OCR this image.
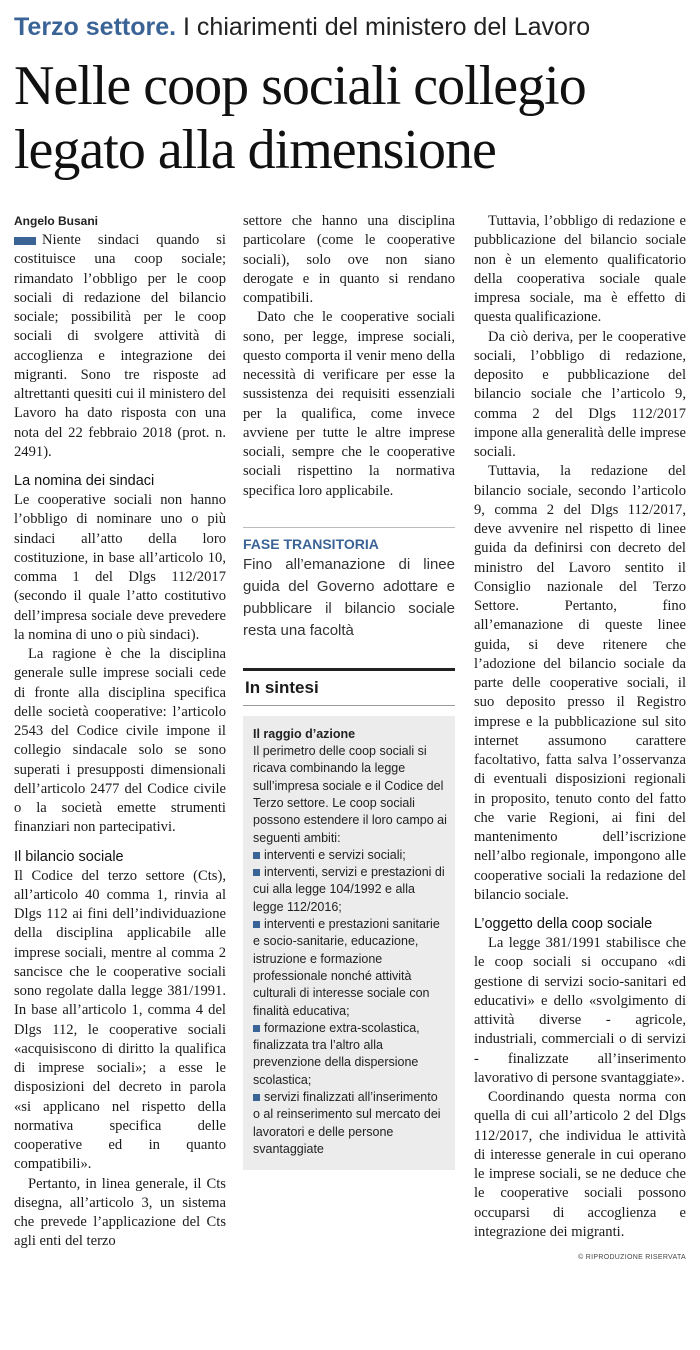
Terzo settore. I chiarimenti del ministero del Lavoro
Nelle coop sociali collegio legato alla dimensione
Angelo Busani

Niente sindaci quando si costituisce una coop sociale; rimandato l’obbligo per le coop sociali di redazione del bilancio sociale; possibilità per le coop sociali di svolgere attività di accoglienza e integrazione dei migranti. Sono tre risposte ad altrettanti quesiti cui il ministero del Lavoro ha dato risposta con una nota del 22 febbraio 2018 (prot. n. 2491).

La nomina dei sindaci

Le cooperative sociali non hanno l’obbligo di nominare uno o più sindaci all’atto della loro costituzione, in base all’articolo 10, comma 1 del Dlgs 112/2017 (secondo il quale l’atto costitutivo dell’impresa sociale deve prevedere la nomina di uno o più sindaci).

La ragione è che la disciplina generale sulle imprese sociali cede di fronte alla disciplina specifica delle società cooperative: l’articolo 2543 del Codice civile impone il collegio sindacale solo se sono superati i presupposti dimensionali dell’articolo 2477 del Codice civile o la società emette strumenti finanziari non partecipativi.

Il bilancio sociale

Il Codice del terzo settore (Cts), all’articolo 40 comma 1, rinvia al Dlgs 112 ai fini dell’individuazione della disciplina applicabile alle imprese sociali, mentre al comma 2 sancisce che le cooperative sociali sono regolate dalla legge 381/1991. In base all’articolo 1, comma 4 del Dlgs 112, le cooperative sociali «acquisiscono di diritto la qualifica di imprese sociali»; a esse le disposizioni del decreto in parola «si applicano nel rispetto della normativa specifica delle cooperative ed in quanto compatibili».

Pertanto, in linea generale, il Cts disegna, all’articolo 3, un sistema che prevede l’applicazione del Cts agli enti del terzo

settore che hanno una disciplina particolare (come le cooperative sociali), solo ove non siano derogate e in quanto si rendano compatibili.

Dato che le cooperative sociali sono, per legge, imprese sociali, questo comporta il venir meno della necessità di verificare per esse la sussistenza dei requisiti essenziali per la qualifica, come invece avviene per tutte le altre imprese sociali, sempre che le cooperative sociali rispettino la normativa specifica loro applicabile.

FASE TRANSITORIA
Fino all’emanazione di linee guida del Governo adottare e pubblicare il bilancio sociale resta una facoltà
In sintesi
Il raggio d’azione
Il perimetro delle coop sociali si ricava combinando la legge sull’impresa sociale e il Codice del Terzo settore. Le coop sociali possono estendere il loro campo ai seguenti ambiti:
interventi e servizi sociali;
interventi, servizi e prestazioni di cui alla legge 104/1992 e alla legge 112/2016;
interventi e prestazioni sanitarie e socio-sanitarie, educazione, istruzione e formazione professionale nonché attività culturali di interesse sociale con finalità educativa;
formazione extra-scolastica, finalizzata tra l’altro alla prevenzione della dispersione scolastica;
servizi finalizzati all’inserimento o al reinserimento sul mercato dei lavoratori e delle persone svantaggiate

Tuttavia, l’obbligo di redazione e pubblicazione del bilancio sociale non è un elemento qualificatorio della cooperativa sociale quale impresa sociale, ma è effetto di questa qualificazione.

Da ciò deriva, per le cooperative sociali, l’obbligo di redazione, deposito e pubblicazione del bilancio sociale che l’articolo 9, comma 2 del Dlgs 112/2017 impone alla generalità delle imprese sociali.

Tuttavia, la redazione del bilancio sociale, secondo l’articolo 9, comma 2 del Dlgs 112/2017, deve avvenire nel rispetto di linee guida da definirsi con decreto del ministro del Lavoro sentito il Consiglio nazionale del Terzo Settore. Pertanto, fino all’emanazione di queste linee guida, si deve ritenere che l’adozione del bilancio sociale da parte delle cooperative sociali, il suo deposito presso il Registro imprese e la pubblicazione sul sito internet assumono carattere facoltativo, fatta salva l’osservanza di eventuali disposizioni regionali in proposito, tenuto conto del fatto che varie Regioni, ai fini del mantenimento dell’iscrizione nell’albo regionale, impongono alle cooperative sociali la redazione del bilancio sociale.

L’oggetto della coop sociale

La legge 381/1991 stabilisce che le coop sociali si occupano «di gestione di servizi socio-sanitari ed educativi» e dello «svolgimento di attività diverse - agricole, industriali, commerciali o di servizi - finalizzate all’inserimento lavorativo di persone svantaggiate».

Coordinando questa norma con quella di cui all’articolo 2 del Dlgs 112/2017, che individua le attività di interesse generale in cui operano le imprese sociali, se ne deduce che le cooperative sociali possono occuparsi di accoglienza e integrazione dei migranti.

© RIPRODUZIONE RISERVATA
